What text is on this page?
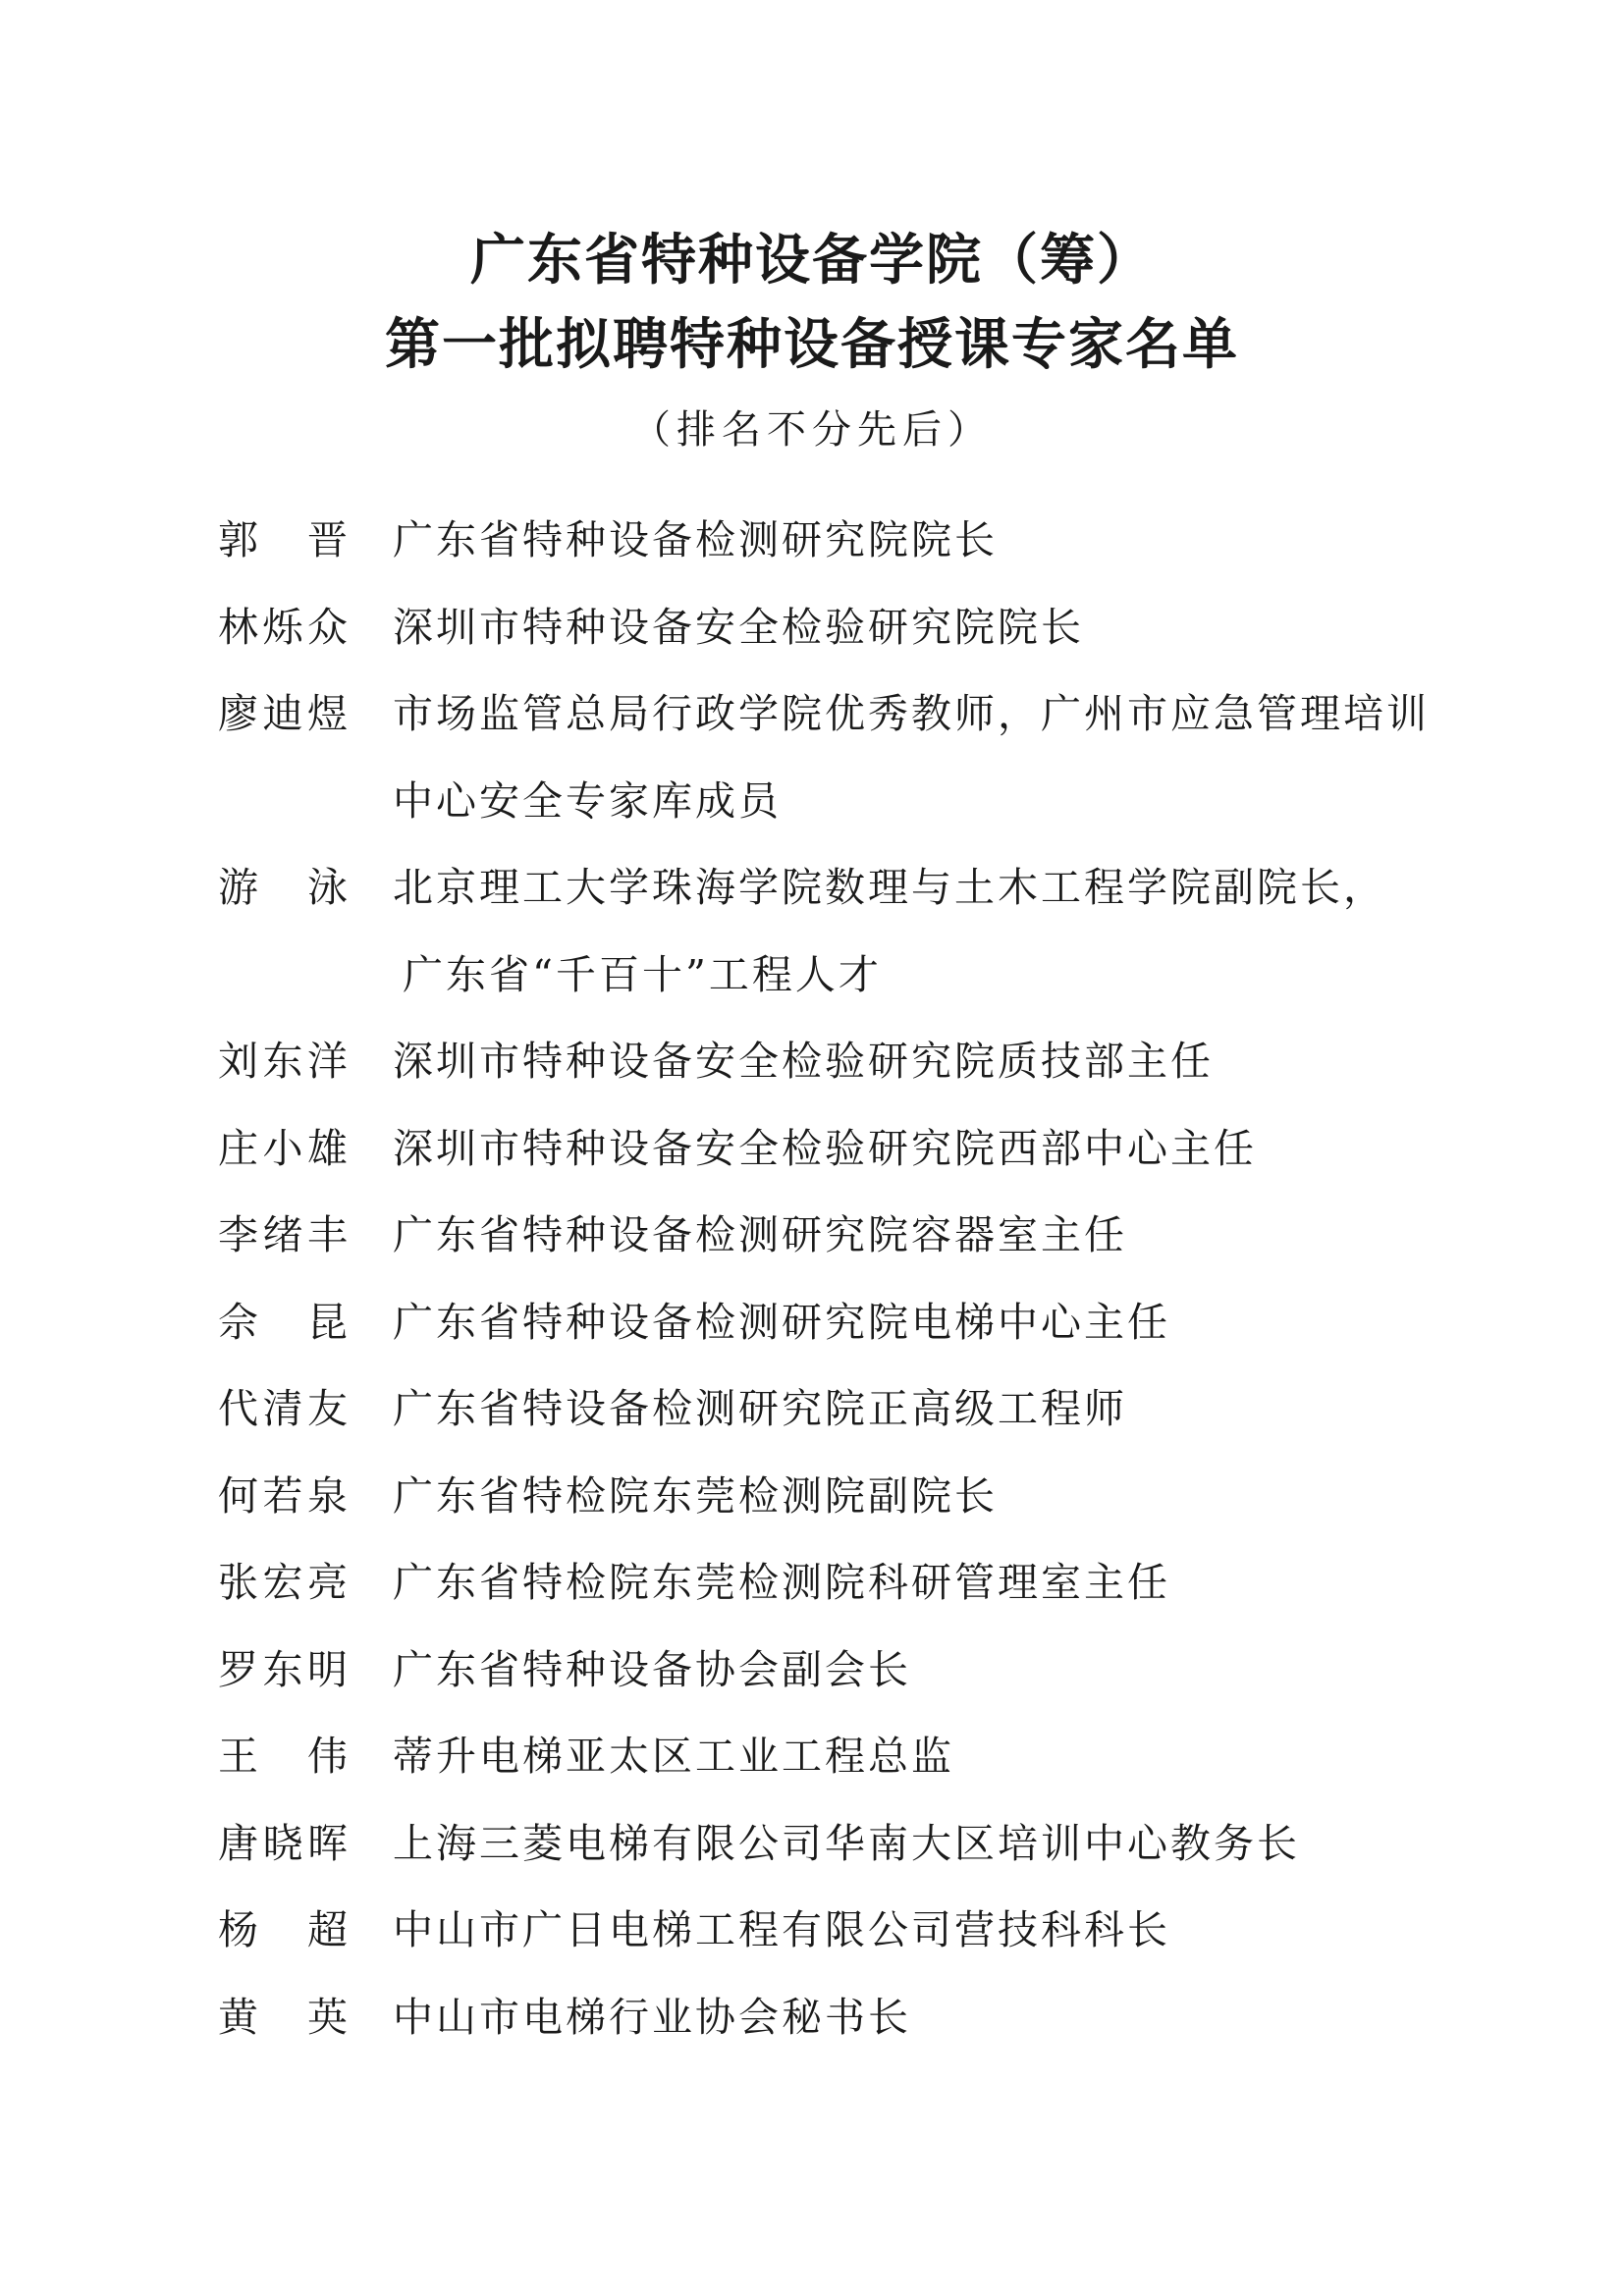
广东省特种设备学院（筹）
第一批拟聘特种设备授课专家名单
（排名不分先后）
郭　晋 广东省特种设备检测研究院院长
林烁众 深圳市特种设备安全检验研究院院长
廖迪煜 市场监管总局行政学院优秀教师，广州市应急管理培训
中心安全专家库成员
游　泳 北京理工大学珠海学院数理与土木工程学院副院长，
广东省“千百十”工程人才
刘东洋 深圳市特种设备安全检验研究院质技部主任
庄小雄 深圳市特种设备安全检验研究院西部中心主任
李绪丰 广东省特种设备检测研究院容器室主任
佘　昆 广东省特种设备检测研究院电梯中心主任
代清友 广东省特设备检测研究院正高级工程师
何若泉 广东省特检院东莞检测院副院长
张宏亮 广东省特检院东莞检测院科研管理室主任
罗东明 广东省特种设备协会副会长
王　伟 蒂升电梯亚太区工业工程总监
唐晓晖 上海三菱电梯有限公司华南大区培训中心教务长
杨　超 中山市广日电梯工程有限公司营技科科长
黄　英 中山市电梯行业协会秘书长
